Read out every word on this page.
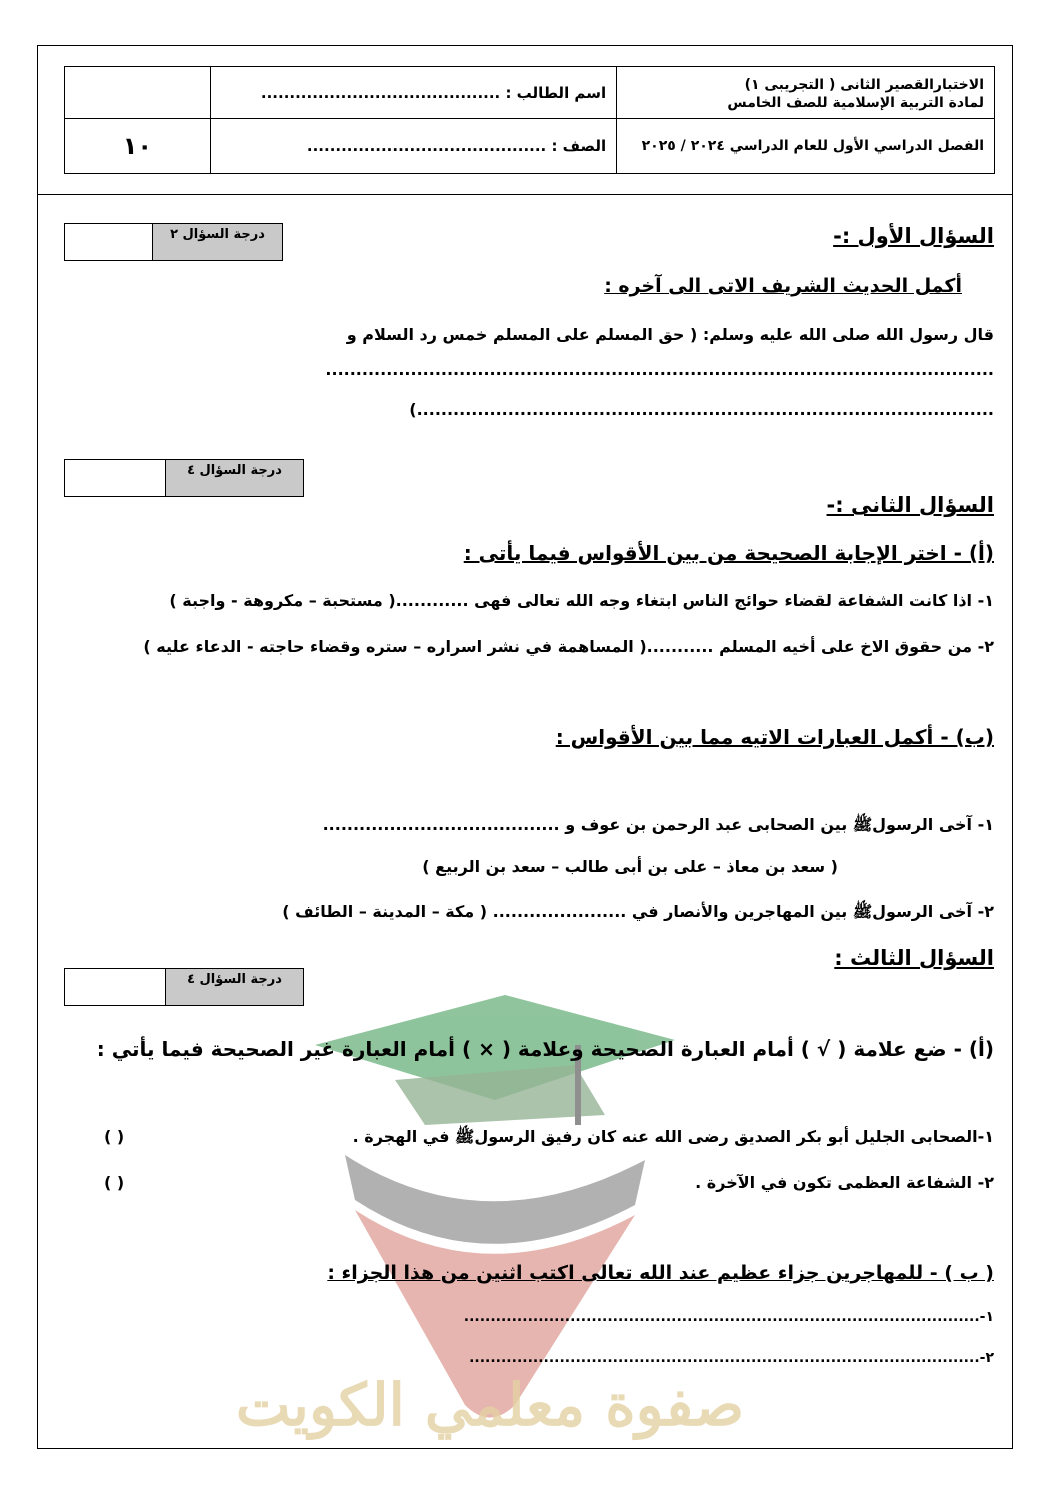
الاختبارالقصير الثانى ( التجريبى ١)
لمادة التربية الإسلامية للصف الخامس	اسم الطالب : ..........................................	
الفصل الدراسي الأول للعام الدراسي ٢٠٢٤ / ٢٠٢٥	الصف : ..........................................	١٠
درجة السؤال ٢	السؤال الأول :-
أكمل الحديث الشريف الاتى الى آخره :
قال رسول الله صلى الله عليه وسلم: ( حق المسلم على المسلم خمس رد السلام و
..............................................................................................................
...............................................................................................)
درجة السؤال ٤
السؤال الثانى :-
(أ) - اختر الإجابة الصحيحة من بين الأقواس فيما يأتى :
١- اذا كانت الشفاعة لقضاء حوائج الناس ابتغاء وجه الله تعالى فهى ............( مستحبة – مكروهة - واجبة )
٢- من حقوق الاخ على أخيه المسلم ...........( المساهمة في نشر اسراره – ستره وقضاء حاجته - الدعاء عليه )
(ب) - أكمل العبارات الاتيه مما بين الأقواس :
١- آخى الرسولﷺ بين الصحابى عبد الرحمن بن عوف و .......................................
( سعد بن معاذ – على بن أبى طالب – سعد بن الربيع )
٢- آخى الرسولﷺ بين المهاجرين والأنصار في ...................... ( مكة – المدينة – الطائف )
صفوة معلمي الكويت
درجة السؤال ٤
السؤال الثالث :
(أ) - ضع علامة ( √ ) أمام العبارة الصحيحة وعلامة ( × ) أمام العبارة غير الصحيحة فيما يأتي :
١-الصحابى الجليل أبو بكر الصديق رضى الله عنه كان رفيق الرسولﷺ في الهجرة .
( )
٢- الشفاعة العظمى تكون في الآخرة .
( )
( ب ) - للمهاجرين جزاء عظيم عند الله تعالى اكتب اثنين من هذا الجزاء :
١-.................................................................................................
٢-................................................................................................
